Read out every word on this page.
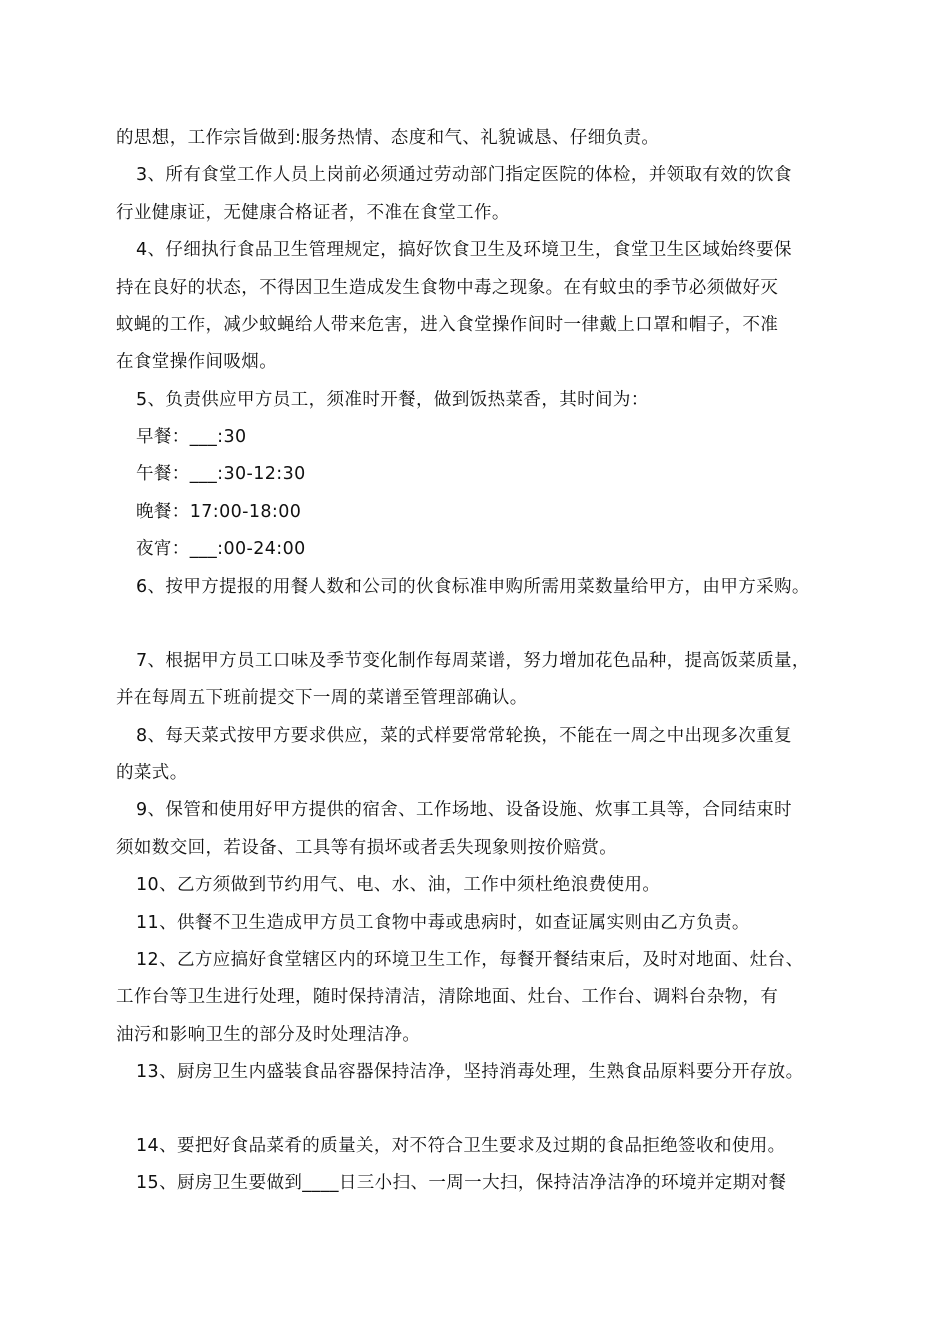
的思想，工作宗旨做到:服务热情、态度和气、礼貌诚恳、仔细负责。
3、所有食堂工作人员上岗前必须通过劳动部门指定医院的体检，并领取有效的饮食
行业健康证，无健康合格证者，不准在食堂工作。
4、仔细执行食品卫生管理规定，搞好饮食卫生及环境卫生，食堂卫生区域始终要保
持在良好的状态，不得因卫生造成发生食物中毒之现象。在有蚊虫的季节必须做好灭
蚊蝇的工作，减少蚊蝇给人带来危害，进入食堂操作间时一律戴上口罩和帽子，不准
在食堂操作间吸烟。
5、负责供应甲方员工，须准时开餐，做到饭热菜香，其时间为：
早餐：___:30
午餐：___:30-12:30
晚餐：17:00-18:00
夜宵：___:00-24:00
6、按甲方提报的用餐人数和公司的伙食标准申购所需用菜数量给甲方，由甲方采购。
7、根据甲方员工口味及季节变化制作每周菜谱，努力增加花色品种，提高饭菜质量，
并在每周五下班前提交下一周的菜谱至管理部确认。
8、每天菜式按甲方要求供应，菜的式样要常常轮换，不能在一周之中出现多次重复
的菜式。
9、保管和使用好甲方提供的宿舍、工作场地、设备设施、炊事工具等，合同结束时
须如数交回，若设备、工具等有损坏或者丢失现象则按价赔赏。
10、乙方须做到节约用气、电、水、油，工作中须杜绝浪费使用。
11、供餐不卫生造成甲方员工食物中毒或患病时，如查证属实则由乙方负责。
12、乙方应搞好食堂辖区内的环境卫生工作，每餐开餐结束后，及时对地面、灶台、
工作台等卫生进行处理，随时保持清洁，清除地面、灶台、工作台、调料台杂物，有
油污和影响卫生的部分及时处理洁净。
13、厨房卫生内盛装食品容器保持洁净，坚持消毒处理，生熟食品原料要分开存放。
14、要把好食品菜肴的质量关，对不符合卫生要求及过期的食品拒绝签收和使用。
15、厨房卫生要做到____日三小扫、一周一大扫，保持洁净洁净的环境并定期对餐
